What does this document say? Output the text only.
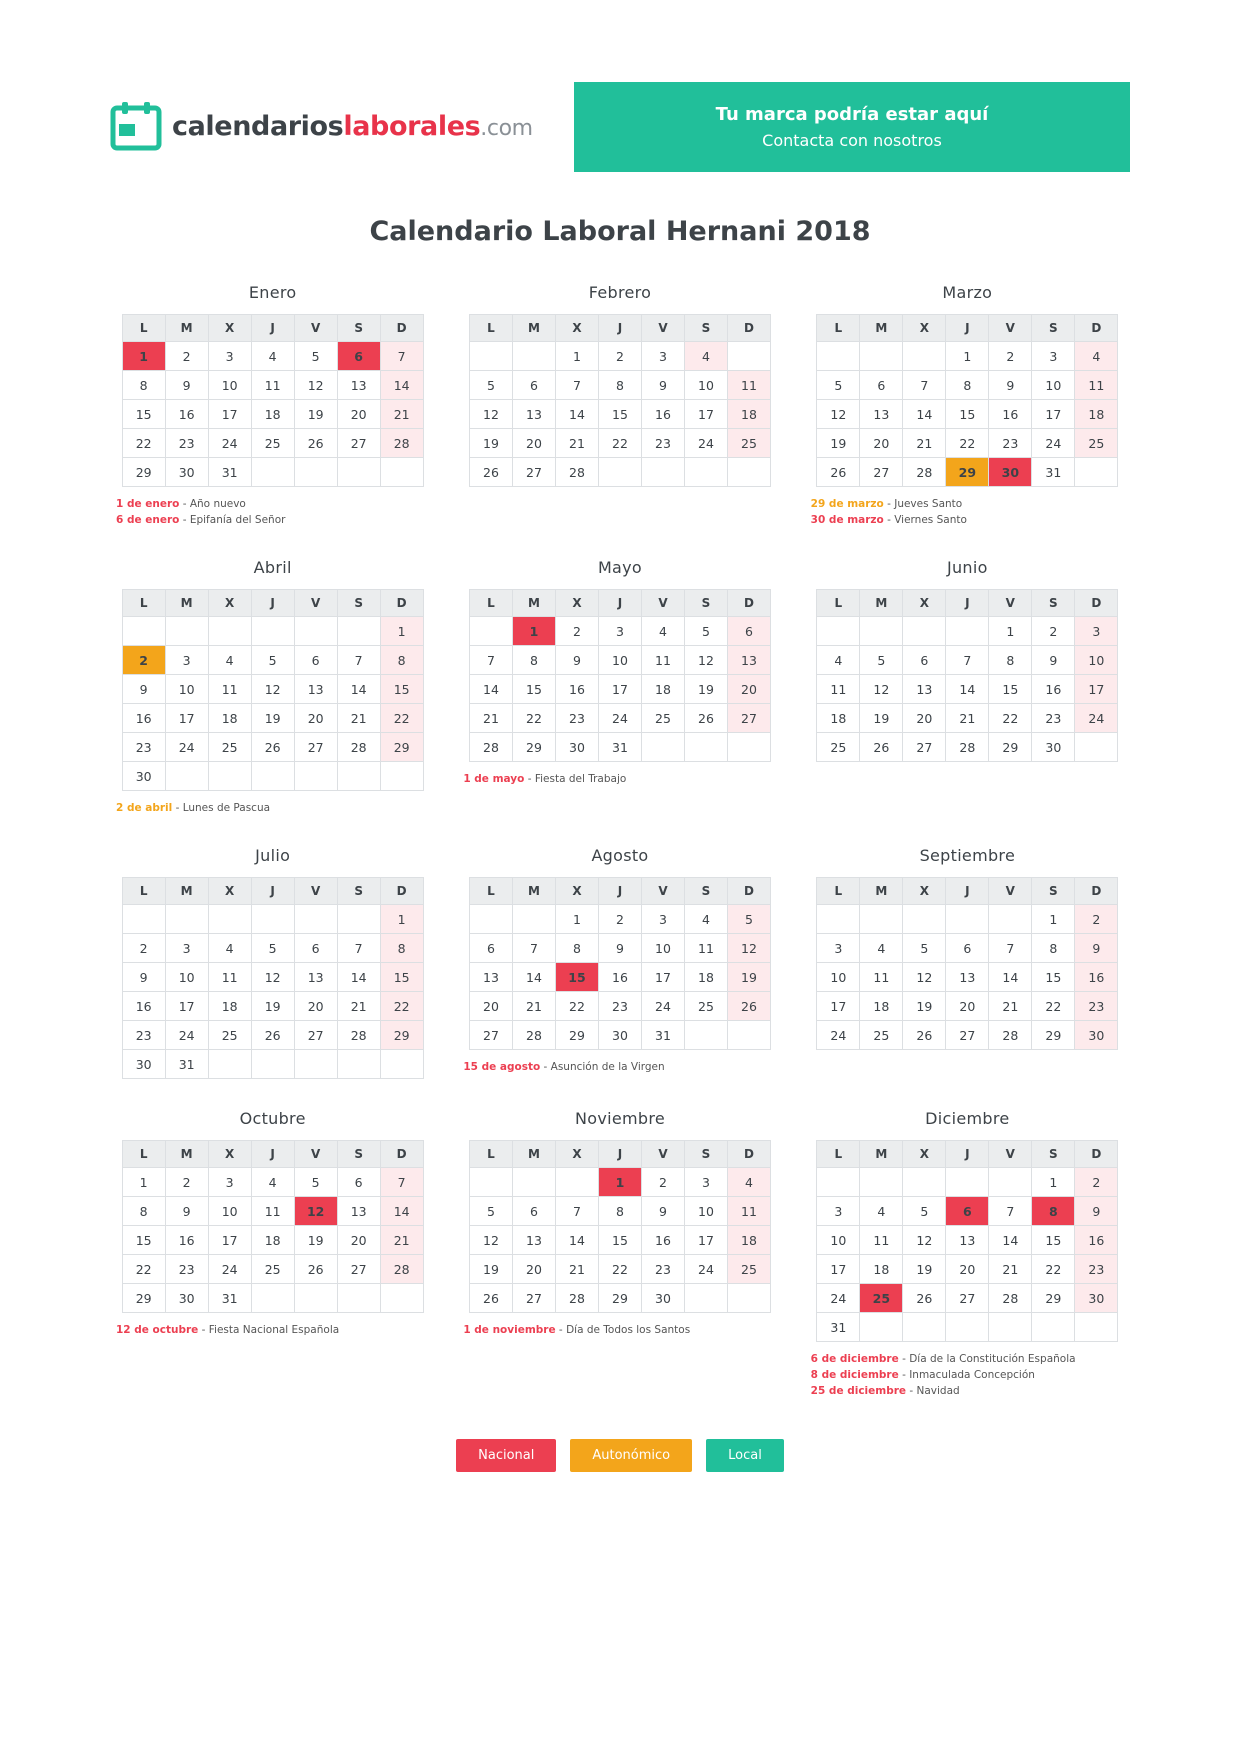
calendarioslaborales.com
Tu marca podría estar aquí
Contacta con nosotros
Calendario Laboral Hernani 2018
Enero
L	M	X	J	V	S	D
1	2	3	4	5	6	7
8	9	10	11	12	13	14
15	16	17	18	19	20	21
22	23	24	25	26	27	28
29	30	31				
1 de enero - Año nuevo
6 de enero - Epifanía del Señor
Febrero
L	M	X	J	V	S	D
		1	2	3	4	
5	6	7	8	9	10	11
12	13	14	15	16	17	18
19	20	21	22	23	24	25
26	27	28				
Marzo
L	M	X	J	V	S	D
			1	2	3	4
5	6	7	8	9	10	11
12	13	14	15	16	17	18
19	20	21	22	23	24	25
26	27	28	29	30	31	
29 de marzo - Jueves Santo
30 de marzo - Viernes Santo
Abril
L	M	X	J	V	S	D
						1
2	3	4	5	6	7	8
9	10	11	12	13	14	15
16	17	18	19	20	21	22
23	24	25	26	27	28	29
30						
2 de abril - Lunes de Pascua
Mayo
L	M	X	J	V	S	D
	1	2	3	4	5	6
7	8	9	10	11	12	13
14	15	16	17	18	19	20
21	22	23	24	25	26	27
28	29	30	31			
1 de mayo - Fiesta del Trabajo
Junio
L	M	X	J	V	S	D
				1	2	3
4	5	6	7	8	9	10
11	12	13	14	15	16	17
18	19	20	21	22	23	24
25	26	27	28	29	30	
Julio
L	M	X	J	V	S	D
						1
2	3	4	5	6	7	8
9	10	11	12	13	14	15
16	17	18	19	20	21	22
23	24	25	26	27	28	29
30	31					
Agosto
L	M	X	J	V	S	D
		1	2	3	4	5
6	7	8	9	10	11	12
13	14	15	16	17	18	19
20	21	22	23	24	25	26
27	28	29	30	31		
15 de agosto - Asunción de la Virgen
Septiembre
L	M	X	J	V	S	D
					1	2
3	4	5	6	7	8	9
10	11	12	13	14	15	16
17	18	19	20	21	22	23
24	25	26	27	28	29	30
Octubre
L	M	X	J	V	S	D
1	2	3	4	5	6	7
8	9	10	11	12	13	14
15	16	17	18	19	20	21
22	23	24	25	26	27	28
29	30	31				
12 de octubre - Fiesta Nacional Española
Noviembre
L	M	X	J	V	S	D
			1	2	3	4
5	6	7	8	9	10	11
12	13	14	15	16	17	18
19	20	21	22	23	24	25
26	27	28	29	30		
1 de noviembre - Día de Todos los Santos
Diciembre
L	M	X	J	V	S	D
					1	2
3	4	5	6	7	8	9
10	11	12	13	14	15	16
17	18	19	20	21	22	23
24	25	26	27	28	29	30
31						
6 de diciembre - Día de la Constitución Española
8 de diciembre - Inmaculada Concepción
25 de diciembre - Navidad
Nacional	Autonómico	Local
